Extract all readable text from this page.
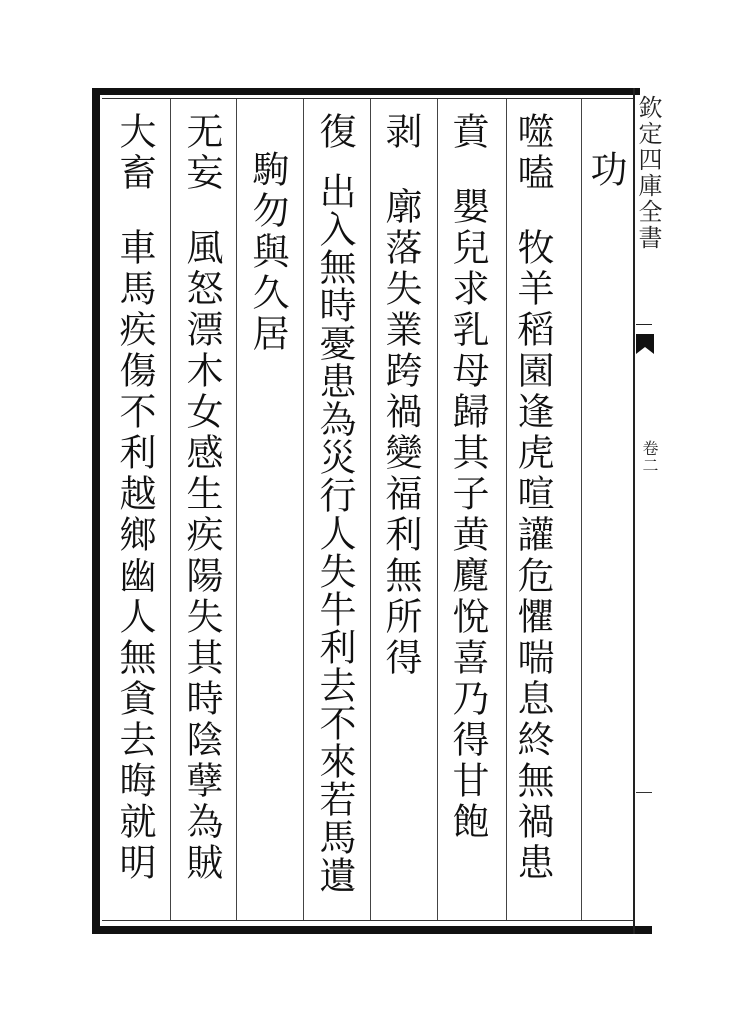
功
噬嗑牧羊稻園逢虎喧讙危懼喘息終無禍患
賁嬰兒求乳母歸其子黄麑悅喜乃得甘飽
剥廓落失業跨禍變福利無所得
復出入無時憂患為災行人失牛利去不來若馬遺
駒勿與久居
无妄風怒漂木女感生疾陽失其時陰孽為賊
大畜車馬疾傷不利越鄉幽人無貪去晦就明
欽定四庫全書
卷二
